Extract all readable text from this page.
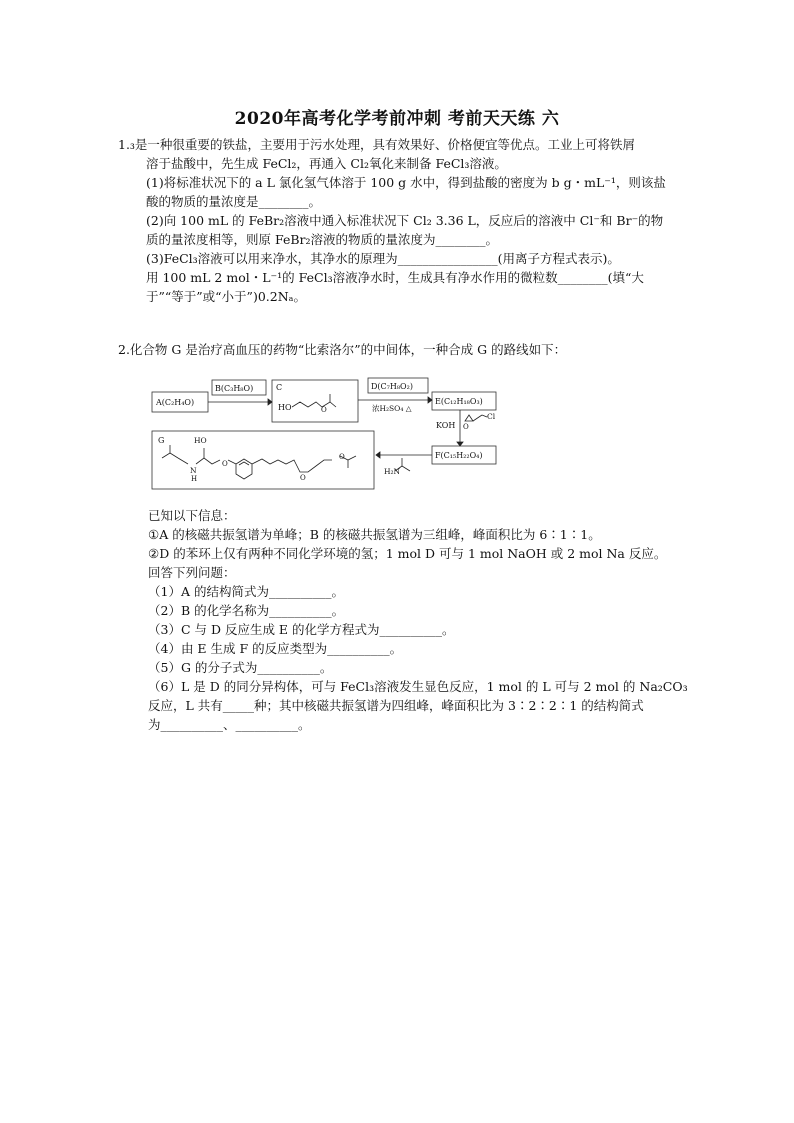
2020年高考化学考前冲刺 考前天天练 六
1.₃是一种很重要的铁盐，主要用于污水处理，具有效果好、价格便宜等优点。工业上可将铁屑
溶于盐酸中，先生成 FeCl₂，再通入 Cl₂氧化来制备 FeCl₃溶液。
(1)将标准状况下的 a L 氯化氢气体溶于 100 g 水中，得到盐酸的密度为 b g・mL⁻¹，则该盐
酸的物质的量浓度是________。
(2)向 100 mL 的 FeBr₂溶液中通入标准状况下 Cl₂ 3.36 L，反应后的溶液中 Cl⁻和 Br⁻的物
质的量浓度相等，则原 FeBr₂溶液的物质的量浓度为________。
(3)FeCl₃溶液可以用来净水，其净水的原理为________________(用离子方程式表示)。
用 100 mL 2 mol・L⁻¹的 FeCl₃溶液净水时，生成具有净水作用的微粒数________(填“大
于”“等于”或“小于”)0.2Nₐ。
2.化合物 G 是治疗高血压的药物“比索洛尔”的中间体，一种合成 G 的路线如下：
A(C₂H₄O)
B(C₃H₈O)	C	D(C₇H₈O₂)
浓H₂SO₄ △
E(C₁₂H₁₈O₃)
KOH
F(C₁₅H₂₂O₄)
G
HO	O
Cl
O
HO
N
H
O
O
O
H₂N
已知以下信息：
①A 的核磁共振氢谱为单峰；B 的核磁共振氢谱为三组峰，峰面积比为 6∶1∶1。
②D 的苯环上仅有两种不同化学环境的氢；1 mol D 可与 1 mol NaOH 或 2 mol Na 反应。
回答下列问题：
（1）A 的结构简式为__________。
（2）B 的化学名称为__________。
（3）C 与 D 反应生成 E 的化学方程式为__________。
（4）由 E 生成 F 的反应类型为__________。
（5）G 的分子式为__________。
（6）L 是 D 的同分异构体，可与 FeCl₃溶液发生显色反应，1 mol 的 L 可与 2 mol 的 Na₂CO₃
反应，L 共有_____种；其中核磁共振氢谱为四组峰，峰面积比为 3∶2∶2∶1 的结构简式
为__________、__________。
